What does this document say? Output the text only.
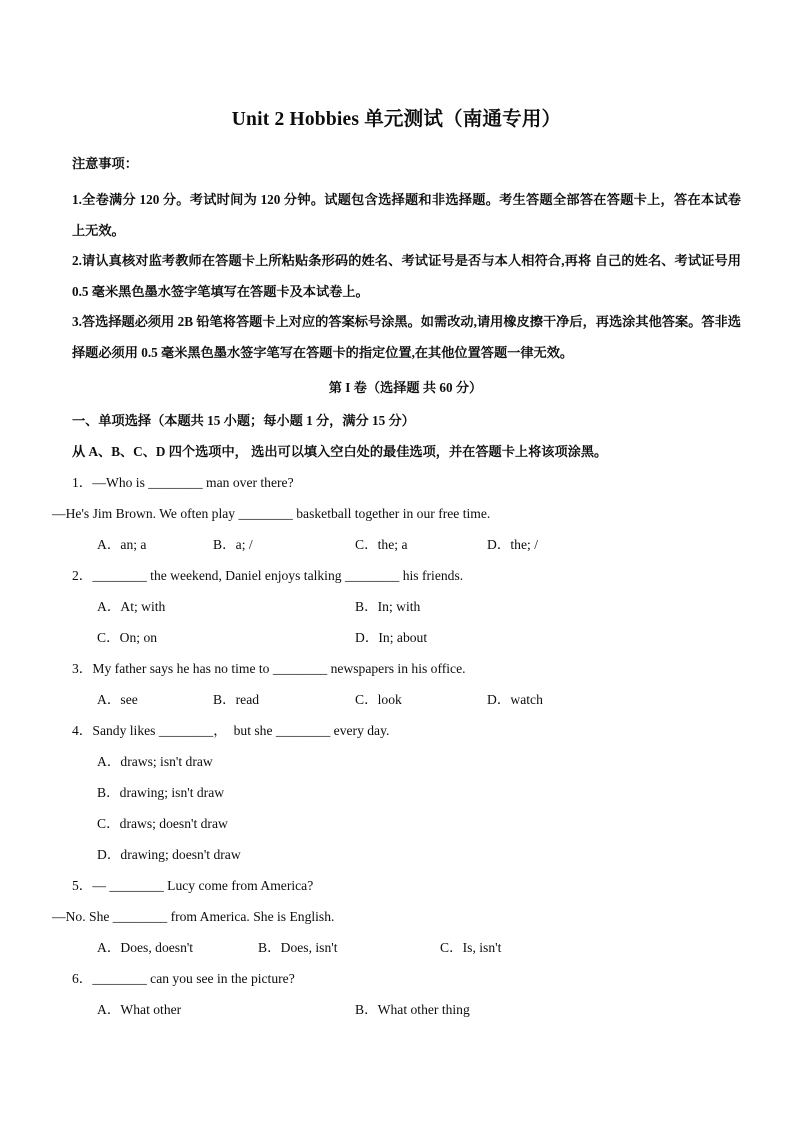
Unit 2 Hobbies 单元测试（南通专用）
注意事项：

1.全卷满分 120 分。考试时间为 120 分钟。试题包含选择题和非选择题。考生答题全部答在答题卡上，答在本试卷上无效。

2.请认真核对监考教师在答题卡上所粘贴条形码的姓名、考试证号是否与本人相符合,再将 自己的姓名、考试证号用 0.5 毫米黑色墨水签字笔填写在答题卡及本试卷上。

3.答选择题必须用 2B 铅笔将答题卡上对应的答案标号涂黑。如需改动,请用橡皮擦干净后，再选涂其他答案。答非选择题必须用 0.5 毫米黑色墨水签字笔写在答题卡的指定位置,在其他位置答题一律无效。

第 I 卷（选择题 共 60 分）
一、单项选择（本题共 15 小题；每小题 1 分，满分 15 分）
从 A、B、C、D 四个选项中， 选出可以填入空白处的最佳选项，并在答题卡上将该项涂黑。
1．—Who is ________ man over there?
—He's Jim Brown. We often play ________ basketball together in our free time.
A．an; a	B．a; /	C．the; a	D．the; /
2．________ the weekend, Daniel enjoys talking ________ his friends.
A．At; with	B．In; with
C．On; on	D．In; about
3．My father says he has no time to ________ newspapers in his office.
A．see	B．read	C．look	D．watch
4．Sandy likes ________，  but she ________ every day.
A．draws; isn't draw
B．drawing; isn't draw
C．draws; doesn't draw
D．drawing; doesn't draw
5．— ________ Lucy come from America?
—No. She ________ from America. She is English.
A．Does, doesn't	B．Does, isn't	C．Is, isn't
6．________ can you see in the picture?
A．What other	B．What other thing
